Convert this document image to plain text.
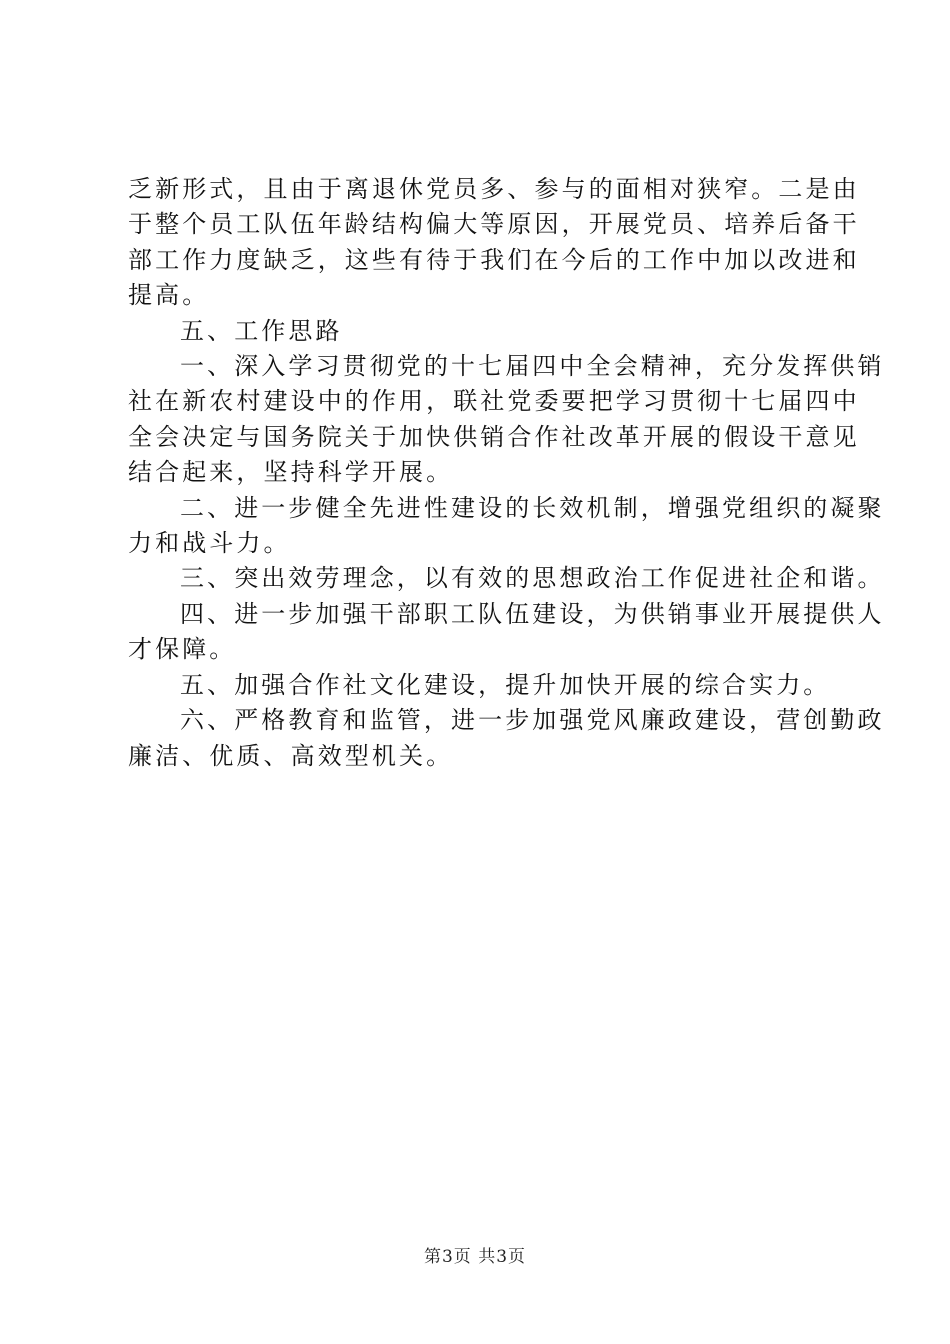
乏新形式，且由于离退休党员多、参与的面相对狭窄。二是由

于整个员工队伍年龄结构偏大等原因，开展党员、培养后备干

部工作力度缺乏，这些有待于我们在今后的工作中加以改进和

提高。

五、工作思路

一、深入学习贯彻党的十七届四中全会精神，充分发挥供销

社在新农村建设中的作用，联社党委要把学习贯彻十七届四中

全会决定与国务院关于加快供销合作社改革开展的假设干意见

结合起来，坚持科学开展。

二、进一步健全先进性建设的长效机制，增强党组织的凝聚

力和战斗力。

三、突出效劳理念，以有效的思想政治工作促进社企和谐。

四、进一步加强干部职工队伍建设，为供销事业开展提供人

才保障。

五、加强合作社文化建设，提升加快开展的综合实力。

六、严格教育和监管，进一步加强党风廉政建设，营创勤政

廉洁、优质、高效型机关。

第3页 共3页
